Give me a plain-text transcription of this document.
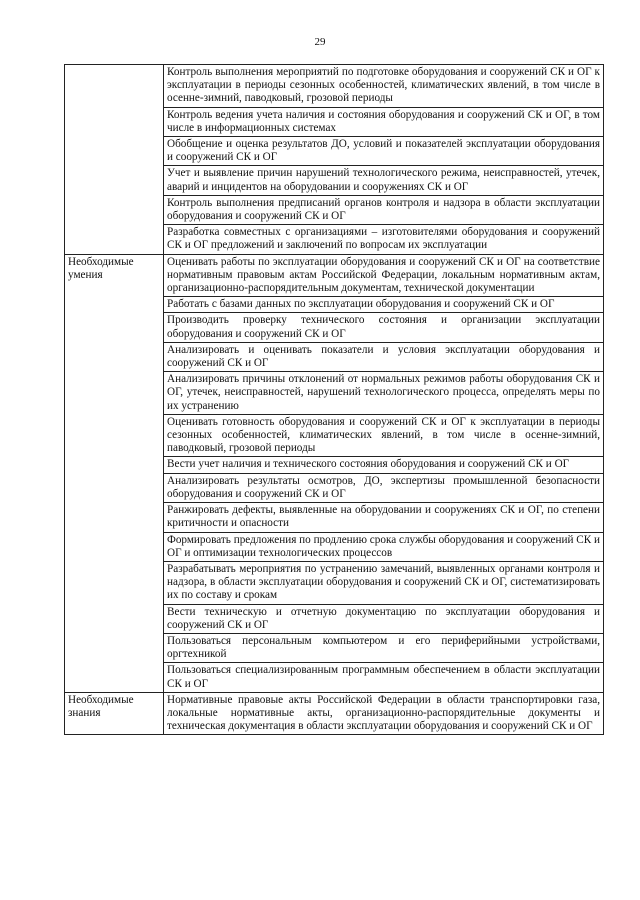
29
	Контроль выполнения мероприятий по подготовке оборудования и сооружений СК и ОГ к эксплуатации в периоды сезонных особенностей, климатических явлений, в том числе в осенне-зимний, паводковый, грозовой периоды
	Контроль ведения учета наличия и состояния оборудования и сооружений СК и ОГ, в том числе в информационных системах
	Обобщение и оценка результатов ДО, условий и показателей эксплуатации оборудования и сооружений СК и ОГ
	Учет и выявление причин нарушений технологического режима, неисправностей, утечек, аварий и инцидентов на оборудовании и сооружениях СК и ОГ
	Контроль выполнения предписаний органов контроля и надзора в области эксплуатации оборудования и сооружений СК и ОГ
	Разработка совместных с организациями – изготовителями оборудования и сооружений СК и ОГ предложений и заключений по вопросам их эксплуатации
Необходимые умения	Оценивать работы по эксплуатации оборудования и сооружений СК и ОГ на соответствие нормативным правовым актам Российской Федерации, локальным нормативным актам, организационно-распорядительным документам, технической документации
	Работать с базами данных по эксплуатации оборудования и сооружений СК и ОГ
	Производить проверку технического состояния и организации эксплуатации оборудования и сооружений СК и ОГ
	Анализировать и оценивать показатели и условия эксплуатации оборудования и сооружений СК и ОГ
	Анализировать причины отклонений от нормальных режимов работы оборудования СК и ОГ, утечек, неисправностей, нарушений технологического процесса, определять меры по их устранению
	Оценивать готовность оборудования и сооружений СК и ОГ к эксплуатации в периоды сезонных особенностей, климатических явлений, в том числе в осенне-зимний, паводковый, грозовой периоды
	Вести учет наличия и технического состояния оборудования и сооружений СК и ОГ
	Анализировать результаты осмотров, ДО, экспертизы промышленной безопасности оборудования и сооружений СК и ОГ
	Ранжировать дефекты, выявленные на оборудовании и сооружениях СК и ОГ, по степени критичности и опасности
	Формировать предложения по продлению срока службы оборудования и сооружений СК и ОГ и оптимизации технологических процессов
	Разрабатывать мероприятия по устранению замечаний, выявленных органами контроля и надзора, в области эксплуатации оборудования и сооружений СК и ОГ, систематизировать их по составу и срокам
	Вести техническую и отчетную документацию по эксплуатации оборудования и сооружений СК и ОГ
	Пользоваться персональным компьютером и его периферийными устройствами, оргтехникой
	Пользоваться специализированным программным обеспечением в области эксплуатации СК и ОГ
Необходимые знания	Нормативные правовые акты Российской Федерации в области транспортировки газа, локальные нормативные акты, организационно-распорядительные документы и техническая документация в области эксплуатации оборудования и сооружений СК и ОГ
